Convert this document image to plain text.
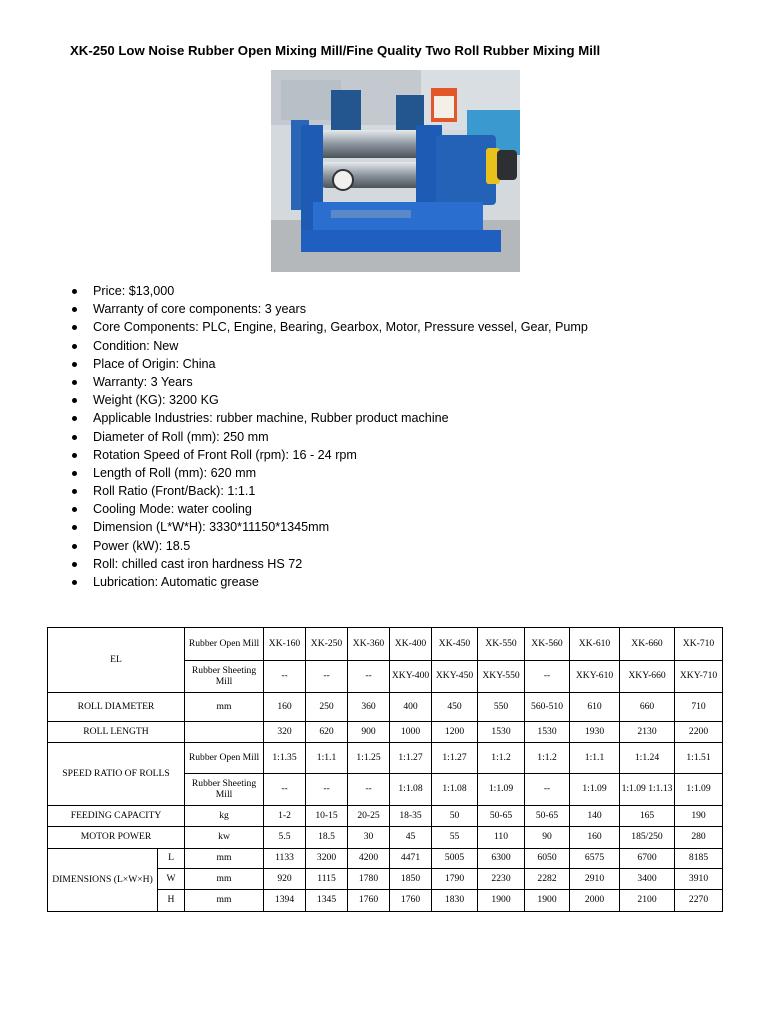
XK-250 Low Noise Rubber Open Mixing Mill/Fine Quality Two Roll Rubber Mixing Mill
Price: $13,000
Warranty of core components: 3 years
Core Components: PLC, Engine, Bearing, Gearbox, Motor, Pressure vessel, Gear, Pump
Condition: New
Place of Origin: China
Warranty: 3 Years
Weight (KG): 3200 KG
Applicable Industries: rubber machine, Rubber product machine
Diameter of Roll (mm): 250 mm
Rotation Speed of Front Roll (rpm): 16 - 24 rpm
Length of Roll (mm): 620 mm
Roll Ratio (Front/Back): 1:1.1
Cooling Mode: water cooling
Dimension (L*W*H): 3330*11150*1345mm
Power (kW): 18.5
Roll: chilled cast iron hardness HS 72
Lubrication: Automatic grease
EL		Rubber Open Mill	XK-160	XK-250	XK-360	XK-400	XK-450	XK-550	XK-560	XK-610	XK-660	XK-710
		Rubber Sheeting Mill	--	--	--	XKY-400	XKY-450	XKY-550	--	XKY-610	XKY-660	XKY-710
ROLL DIAMETER		mm	160	250	360	400	450	550	560-510	610	660	710
ROLL LENGTH			320	620	900	1000	1200	1530	1530	1930	2130	2200
SPEED RATIO OF ROLLS		Rubber Open Mill	1:1.35	1:1.1	1:1.25	1:1.27	1:1.27	1:1.2	1:1.2	1:1.1	1:1.24	1:1.51
		Rubber Sheeting Mill	--	--	--	1:1.08	1:1.08	1:1.09	--	1:1.09	1:1.09 1:1.13	1:1.09
FEEDING CAPACITY		kg	1-2	10-15	20-25	18-35	50	50-65	50-65	140	165	190
MOTOR POWER		kw	5.5	18.5	30	45	55	110	90	160	185/250	280
DIMENSIONS (L×W×H)	L	mm	1133	3200	4200	4471	5005	6300	6050	6575	6700	8185
	W	mm	920	1115	1780	1850	1790	2230	2282	2910	3400	3910
	H	mm	1394	1345	1760	1760	1830	1900	1900	2000	2100	2270
